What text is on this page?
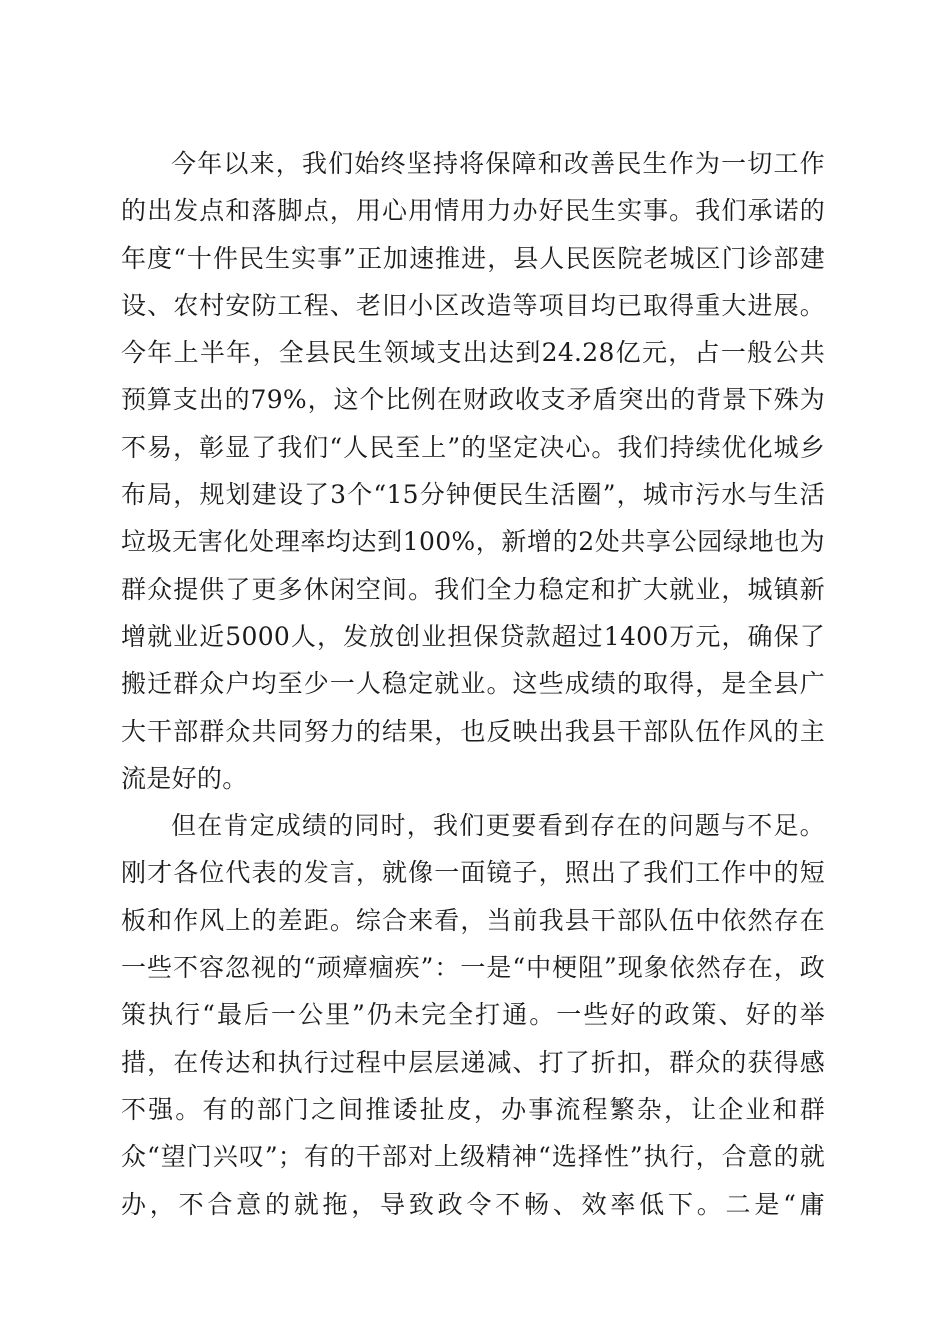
今年以来，我们始终坚持将保障和改善民生作为一切工作的出发点和落脚点，用心用情用力办好民生实事。我们承诺的年度“十件民生实事”正加速推进，县人民医院老城区门诊部建设、农村安防工程、老旧小区改造等项目均已取得重大进展。今年上半年，全县民生领域支出达到24.28亿元，占一般公共预算支出的79%，这个比例在财政收支矛盾突出的背景下殊为不易，彰显了我们“人民至上”的坚定决心。我们持续优化城乡布局，规划建设了3个“15分钟便民生活圈”，城市污水与生活垃圾无害化处理率均达到100%，新增的2处共享公园绿地也为群众提供了更多休闲空间。我们全力稳定和扩大就业，城镇新增就业近5000人，发放创业担保贷款超过1400万元，确保了搬迁群众户均至少一人稳定就业。这些成绩的取得，是全县广大干部群众共同努力的结果，也反映出我县干部队伍作风的主流是好的。

但在肯定成绩的同时，我们更要看到存在的问题与不足。刚才各位代表的发言，就像一面镜子，照出了我们工作中的短板和作风上的差距。综合来看，当前我县干部队伍中依然存在一些不容忽视的“顽瘴痼疾”：一是“中梗阻”现象依然存在，政策执行“最后一公里”仍未完全打通。一些好的政策、好的举措，在传达和执行过程中层层递减、打了折扣，群众的获得感不强。有的部门之间推诿扯皮，办事流程繁杂，让企业和群众“望门兴叹”；有的干部对上级精神“选择性”执行，合意的就办，不合意的就拖，导致政令不畅、效率低下。二是“庸
